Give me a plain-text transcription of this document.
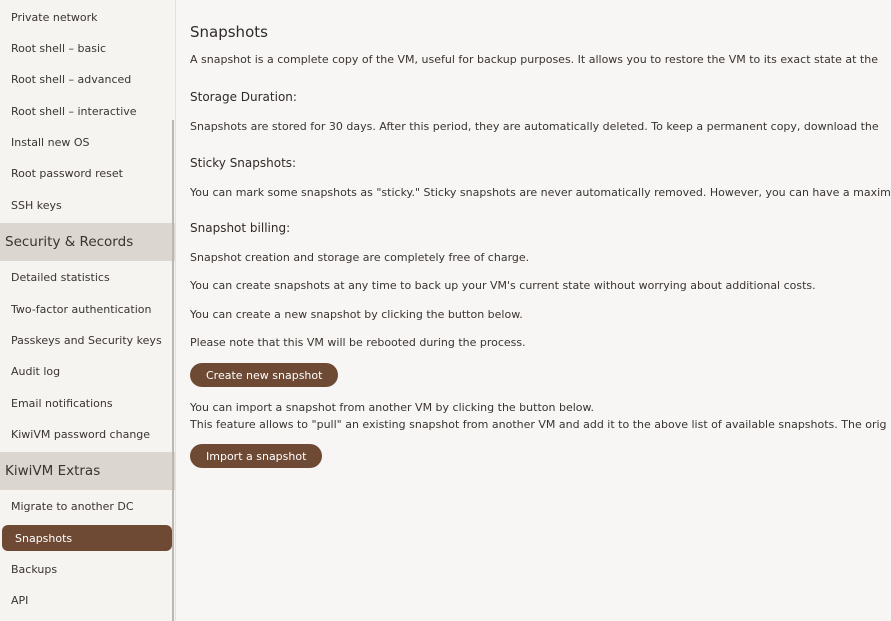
Private network
Root shell – basic
Root shell – advanced
Root shell – interactive
Install new OS
Root password reset
SSH keys
Security & Records
Detailed statistics
Two-factor authentication
Passkeys and Security keys
Audit log
Email notifications
KiwiVM password change
KiwiVM Extras
Migrate to another DC
Snapshots
Backups
API
Snapshots
A snapshot is a complete copy of the VM, useful for backup purposes. It allows you to restore the VM to its exact state at the
Storage Duration:
Snapshots are stored for 30 days. After this period, they are automatically deleted. To keep a permanent copy, download the
Sticky Snapshots:
You can mark some snapshots as "sticky." Sticky snapshots are never automatically removed. However, you can have a maxim
Snapshot billing:
Snapshot creation and storage are completely free of charge.
You can create snapshots at any time to back up your VM's current state without worrying about additional costs.
You can create a new snapshot by clicking the button below.
Please note that this VM will be rebooted during the process.
Create new snapshot
You can import a snapshot from another VM by clicking the button below.
This feature allows to "pull" an existing snapshot from another VM and add it to the above list of available snapshots. The orig
Import a snapshot
